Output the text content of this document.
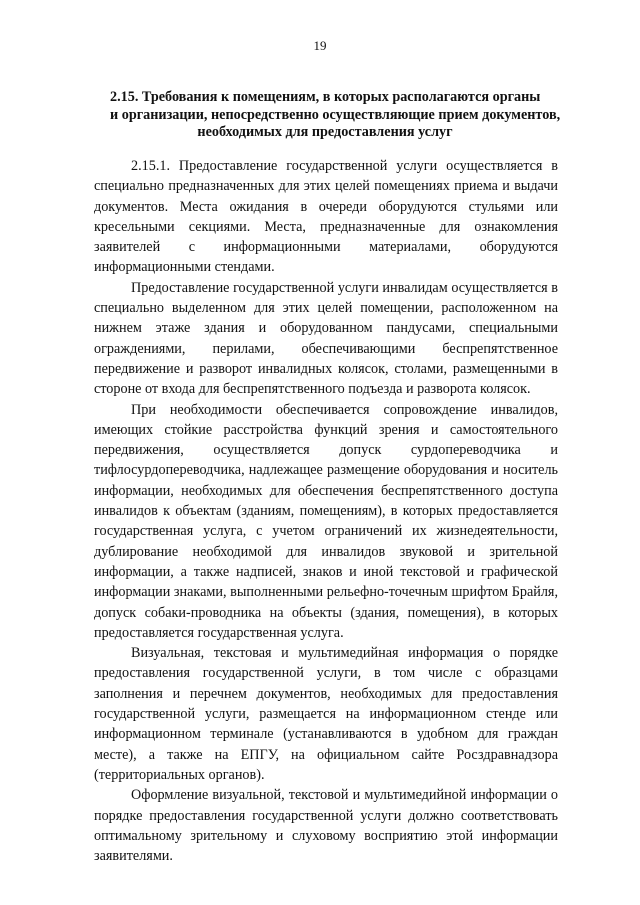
19
2.15. Требования к помещениям, в которых располагаются органы
и организации, непосредственно осуществляющие прием документов,
необходимых для предоставления услуг

2.15.1. Предоставление государственной услуги осуществляется в специально предназначенных для этих целей помещениях приема и выдачи документов. Места ожидания в очереди оборудуются стульями или кресельными секциями. Места, предназначенные для ознакомления заявителей с информационными материалами, оборудуются информационными стендами.

Предоставление государственной услуги инвалидам осуществляется в специально выделенном для этих целей помещении, расположенном на нижнем этаже здания и оборудованном пандусами, специальными ограждениями, перилами, обеспечивающими беспрепятственное передвижение и разворот инвалидных колясок, столами, размещенными в стороне от входа для беспрепятственного подъезда и разворота колясок.

При необходимости обеспечивается сопровождение инвалидов, имеющих стойкие расстройства функций зрения и самостоятельного передвижения, осуществляется допуск сурдопереводчика и тифлосурдопереводчика, надлежащее размещение оборудования и носитель информации, необходимых для обеспечения беспрепятственного доступа инвалидов к объектам (зданиям, помещениям), в которых предоставляется государственная услуга, с учетом ограничений их жизнедеятельности, дублирование необходимой для инвалидов звуковой и зрительной информации, а также надписей, знаков и иной текстовой и графической информации знаками, выполненными рельефно-точечным шрифтом Брайля, допуск собаки-проводника на объекты (здания, помещения), в которых предоставляется государственная услуга.

Визуальная, текстовая и мультимедийная информация о порядке предоставления государственной услуги, в том числе с образцами заполнения и перечнем документов, необходимых для предоставления государственной услуги, размещается на информационном стенде или информационном терминале (устанавливаются в удобном для граждан месте), а также на ЕПГУ, на официальном сайте Росздравнадзора (территориальных органов).

Оформление визуальной, текстовой и мультимедийной информации о порядке предоставления государственной услуги должно соответствовать оптимальному зрительному и слуховому восприятию этой информации заявителями.
